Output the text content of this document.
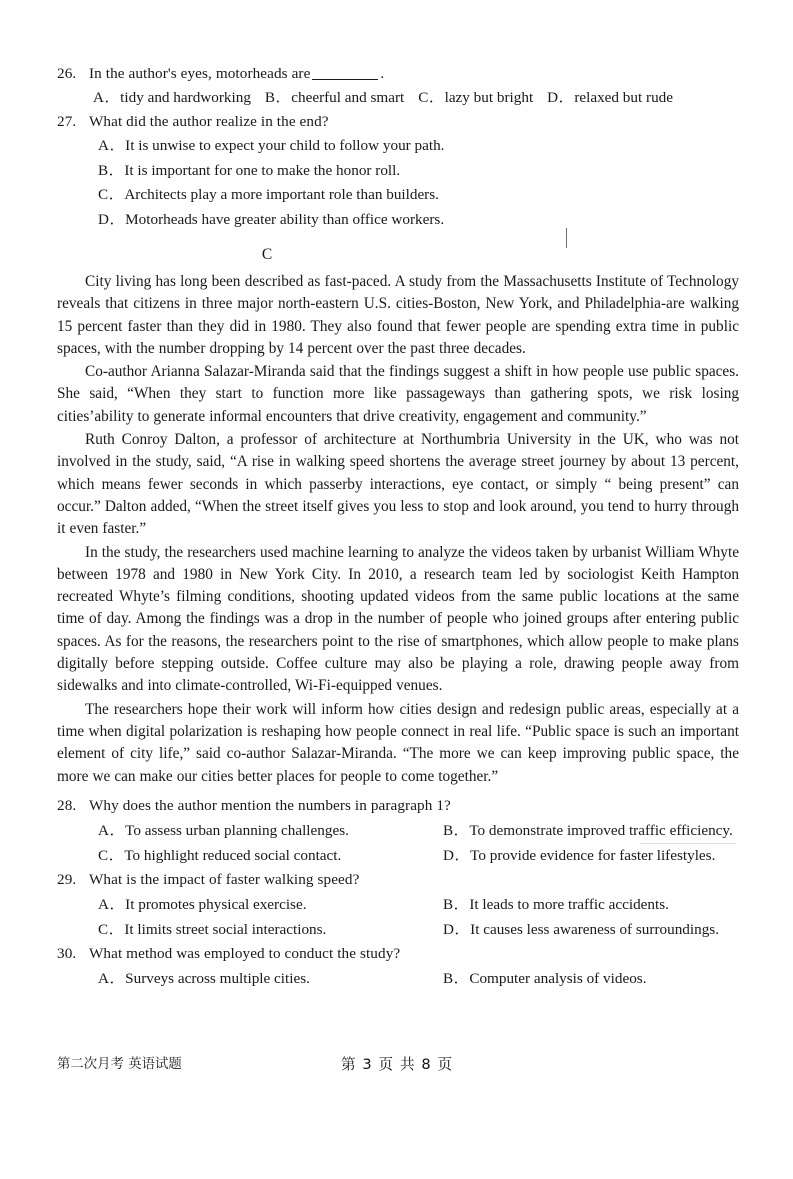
26. In the author's eyes, motorheads are	.
A．tidy and hardworking B．cheerful and smart C．lazy but bright D．relaxed but rude
27. What did the author realize in the end?
A．It is unwise to expect your child to follow your path.
B．It is important for one to make the honor roll.
C．Architects play a more important role than builders.
D．Motorheads have greater ability than office workers.
C

City living has long been described as fast-paced. A study from the Massachusetts Institute of Technology reveals that citizens in three major north-eastern U.S. cities-Boston, New York, and Philadelphia-are walking 15 percent faster than they did in 1980. They also found that fewer people are spending extra time in public spaces, with the number dropping by 14 percent over the past three decades.

Co-author Arianna Salazar-Miranda said that the findings suggest a shift in how people use public spaces. She said, “When they start to function more like passageways than gathering spots, we risk losing cities’ability to generate informal encounters that drive creativity, engagement and community.”

Ruth Conroy Dalton, a professor of architecture at Northumbria University in the UK, who was not involved in the study, said, “A rise in walking speed shortens the average street journey by about 13 percent, which means fewer seconds in which passerby interactions, eye contact, or simply “ being present” can occur.” Dalton added, “When the street itself gives you less to stop and look around, you tend to hurry through it even faster.”

In the study, the researchers used machine learning to analyze the videos taken by urbanist William Whyte between 1978 and 1980 in New York City. In 2010, a research team led by sociologist Keith Hampton recreated Whyte’s filming conditions, shooting updated videos from the same public locations at the same time of day. Among the findings was a drop in the number of people who joined groups after entering public spaces. As for the reasons, the researchers point to the rise of smartphones, which allow people to make plans digitally before stepping outside. Coffee culture may also be playing a role, drawing people away from sidewalks and into climate-controlled, Wi-Fi-equipped venues.

The researchers hope their work will inform how cities design and redesign public areas, especially at a time when digital polarization is reshaping how people connect in real life. “Public space is such an important element of city life,” said co-author Salazar-Miranda. “The more we can keep improving public space, the more we can make our cities better places for people to come together.”

28. Why does the author mention the numbers in paragraph 1?
A．To assess urban planning challenges.	B．To demonstrate improved traffic efficiency.
C．To highlight reduced social contact.	D．To provide evidence for faster lifestyles.
29. What is the impact of faster walking speed?
A．It promotes physical exercise.	B．It leads to more traffic accidents.
C．It limits street social interactions.	D．It causes less awareness of surroundings.
30. What method was employed to conduct the study?
A．Surveys across multiple cities.	B．Computer analysis of videos.
第二次月考 英语试题	第 3 页 共 8 页
